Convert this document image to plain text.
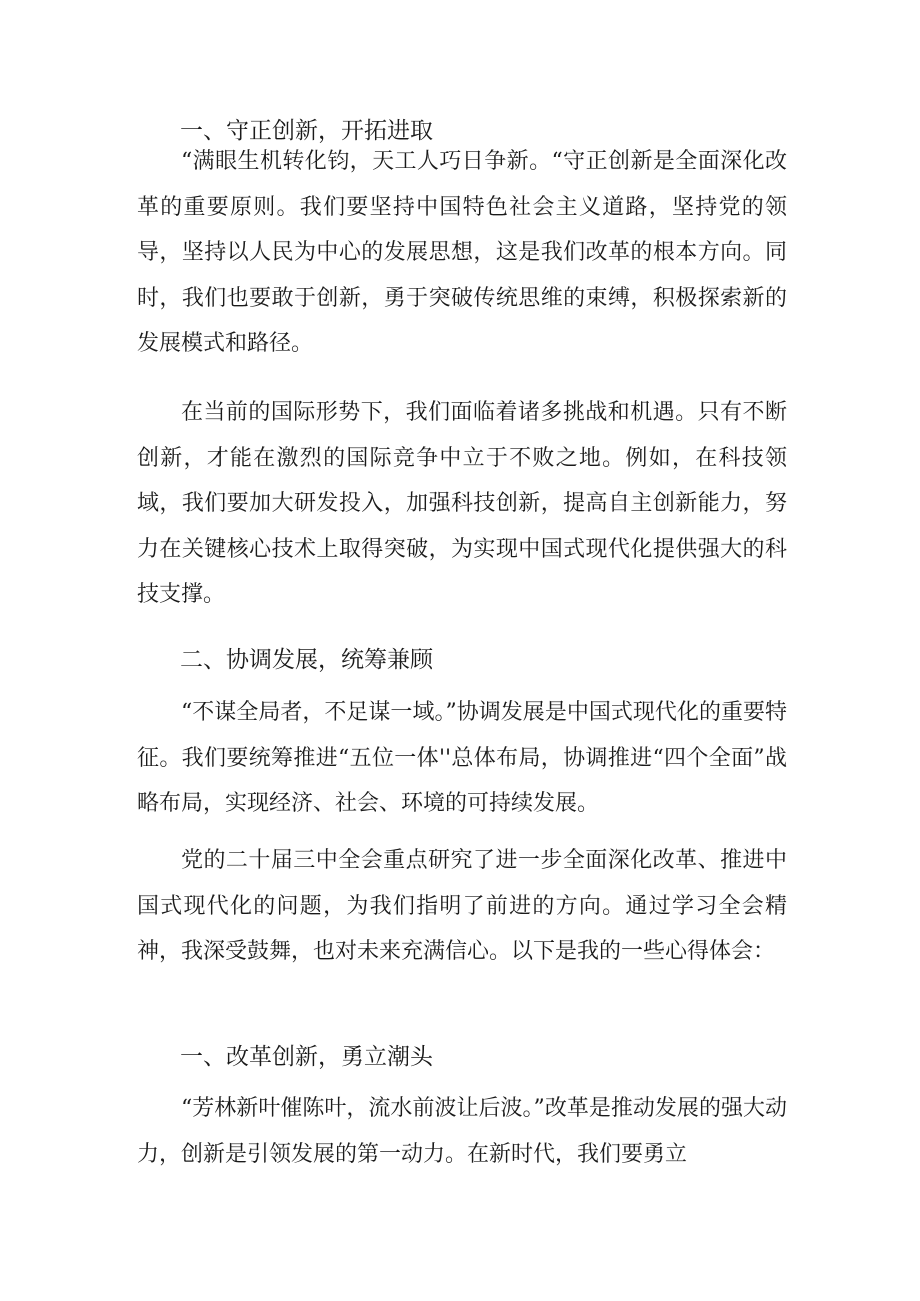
一、守正创新，开拓进取

“满眼生机转化钧，天工人巧日争新。“守正创新是全面深化改革的重要原则。我们要坚持中国特色社会主义道路，坚持党的领导，坚持以人民为中心的发展思想，这是我们改革的根本方向。同时，我们也要敢于创新，勇于突破传统思维的束缚，积极探索新的发展模式和路径。

在当前的国际形势下，我们面临着诸多挑战和机遇。只有不断创新，才能在激烈的国际竞争中立于不败之地。例如，在科技领域，我们要加大研发投入，加强科技创新，提高自主创新能力，努力在关键核心技术上取得突破，为实现中国式现代化提供强大的科技支撑。

二、协调发展，统筹兼顾

“不谋全局者，不足谋一域。”协调发展是中国式现代化的重要特征。我们要统筹推进“五位一体''总体布局，协调推进“四个全面”战略布局，实现经济、社会、环境的可持续发展。

党的二十届三中全会重点研究了进一步全面深化改革、推进中国式现代化的问题，为我们指明了前进的方向。通过学习全会精神，我深受鼓舞，也对未来充满信心。以下是我的一些心得体会：

一、改革创新，勇立潮头

“芳林新叶催陈叶，流水前波让后波。”改革是推动发展的强大动力，创新是引领发展的第一动力。在新时代，我们要勇立
